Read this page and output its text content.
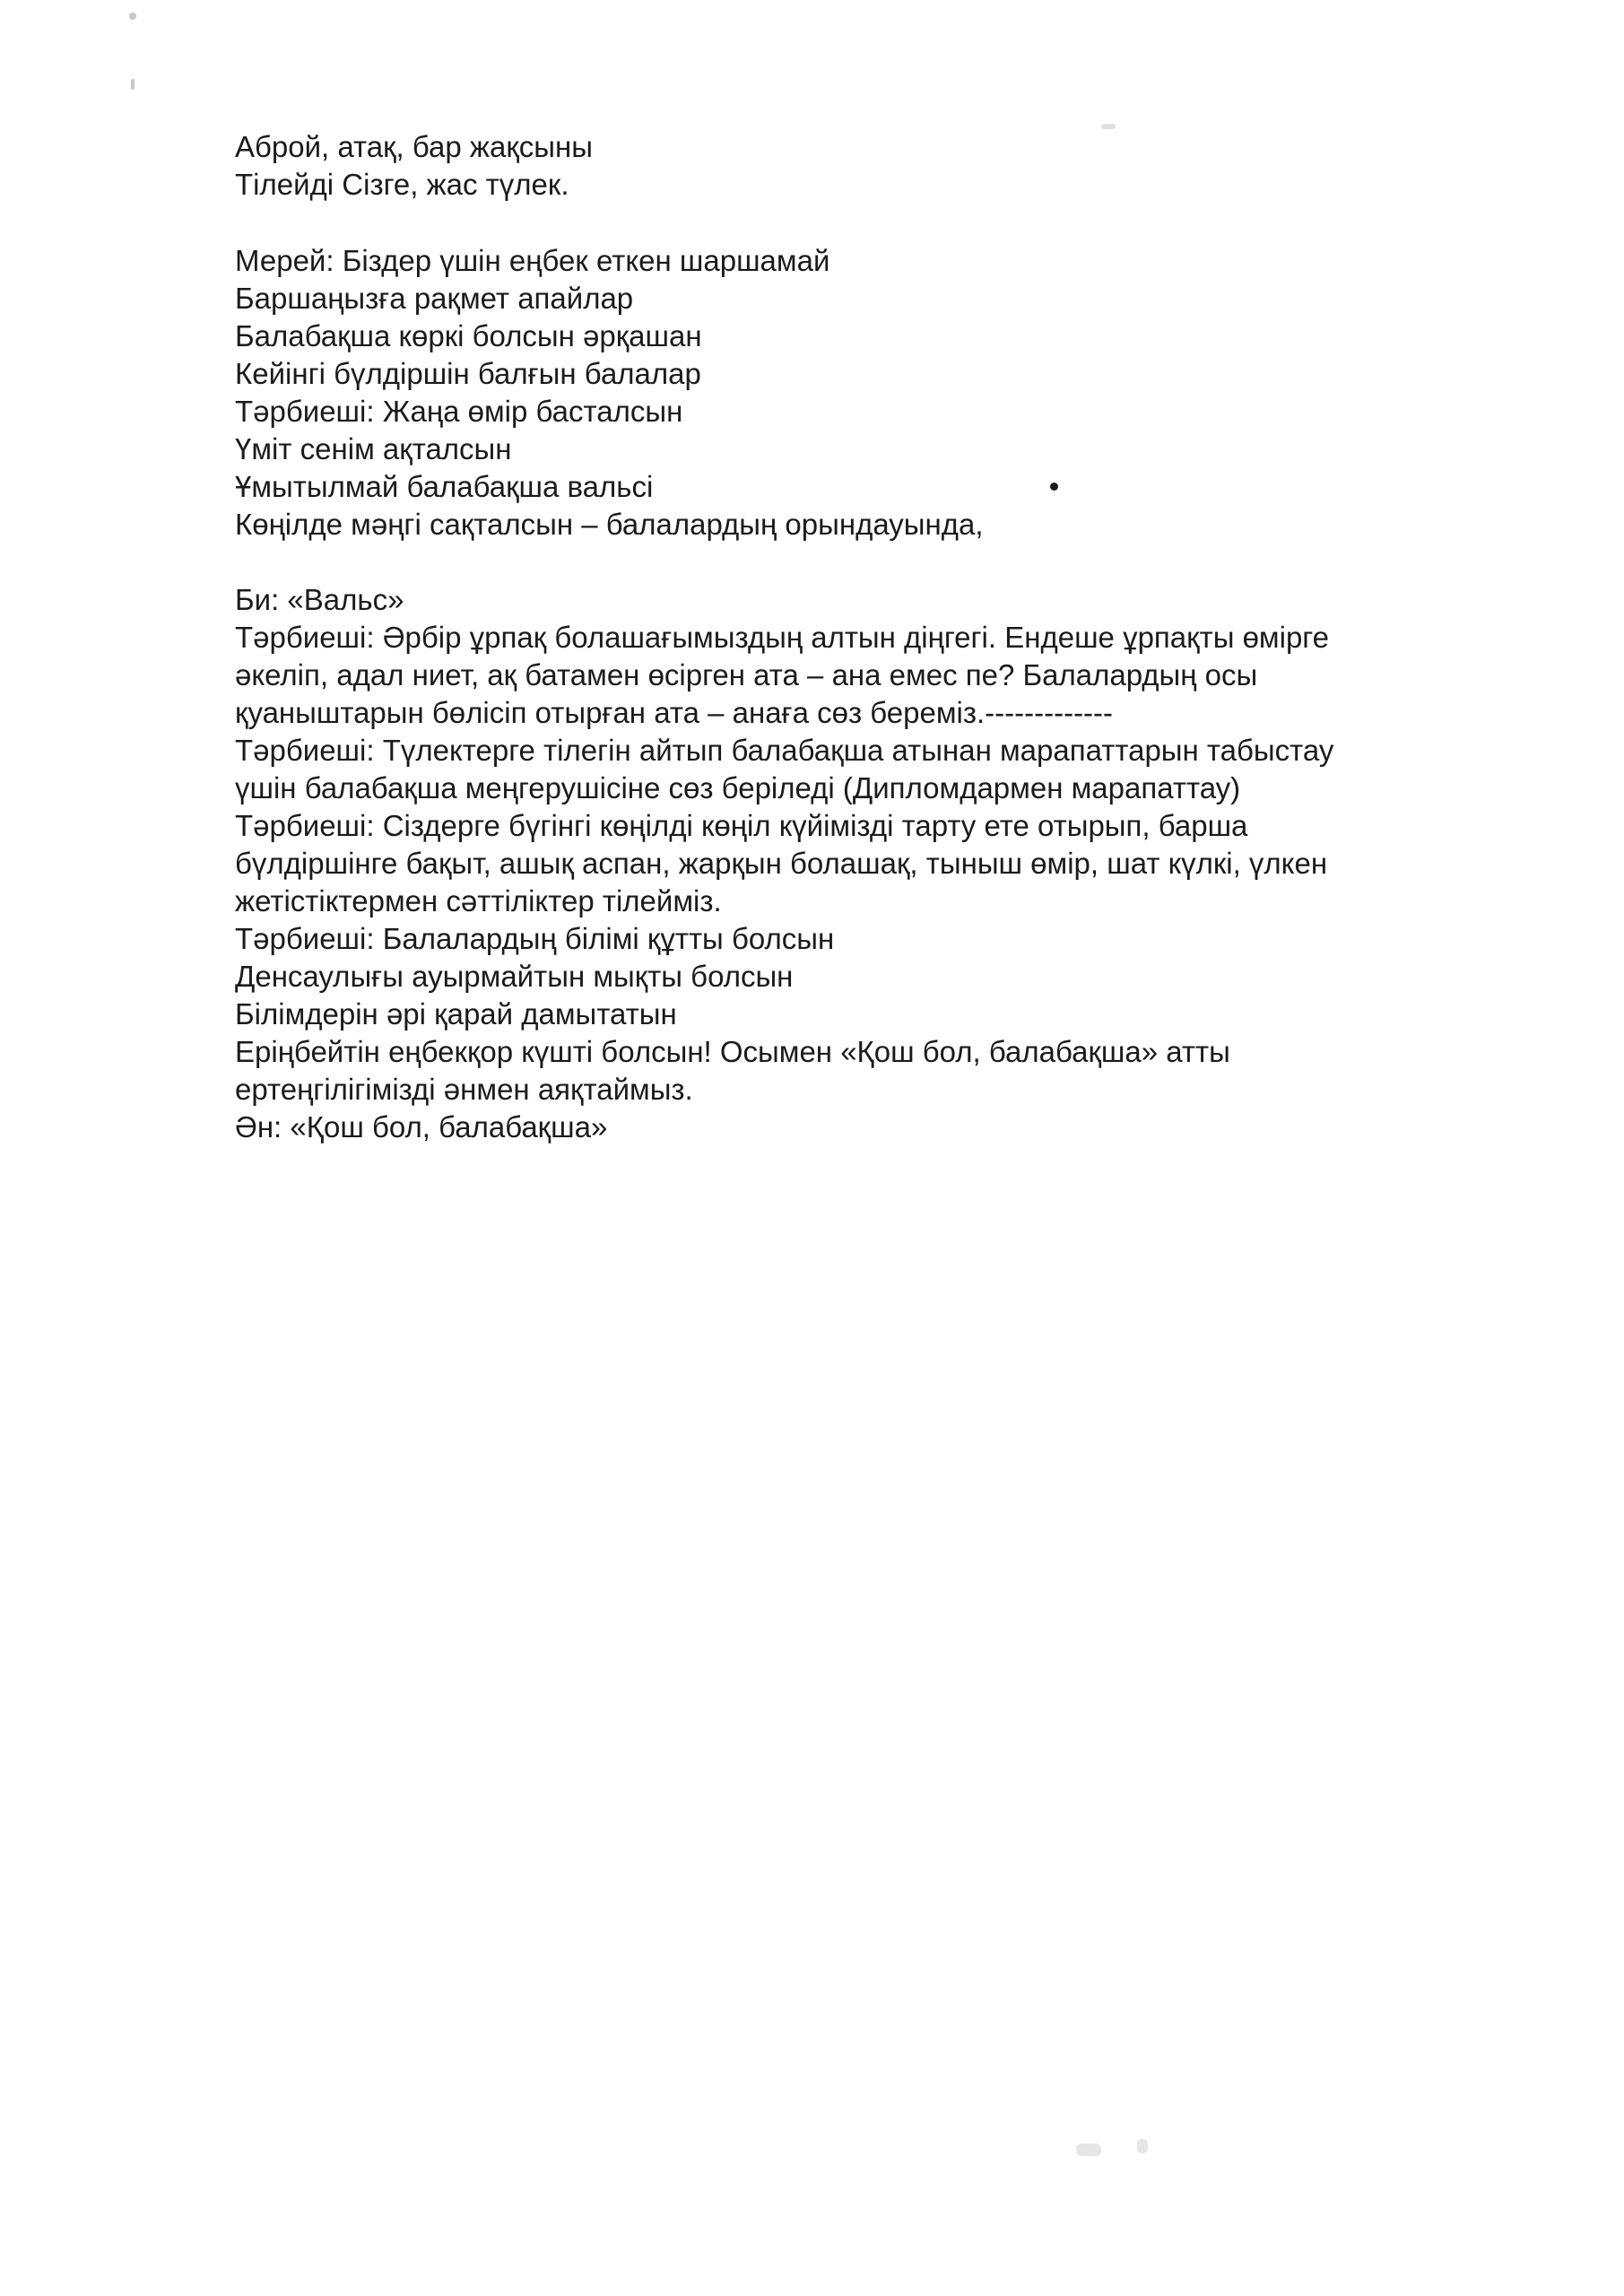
Аброй, атақ, бар жақсыны
Тілейді Сізге, жас түлек.
Мерей: Біздер үшін еңбек еткен шаршамай
Баршаңызға рақмет апайлар
Балабақша көркі болсын әрқашан
Кейінгі бүлдіршін балғын балалар
Тәрбиеші: Жаңа өмір басталсын
Үміт сенім ақталсын
Ұмытылмай балабақша вальсі
Көңілде мәңгі сақталсын – балалардың орындауында,
Би: «Вальс»
Тәрбиеші: Әрбір ұрпақ болашағымыздың алтын діңгегі. Ендеше ұрпақты өмірге
әкеліп, адал ниет, ақ батамен өсірген ата – ана емес пе? Балалардың осы
қуаныштарын бөлісіп отырған ата – анаға сөз береміз.-------------
Тәрбиеші: Түлектерге тілегін айтып балабақша атынан марапаттарын табыстау
үшін балабақша меңгерушісіне сөз беріледі (Дипломдармен марапаттау)
Тәрбиеші: Сіздерге бүгінгі көңілді көңіл күйімізді тарту ете отырып, барша
бүлдіршінге бақыт, ашық аспан, жарқын болашақ, тыныш өмір, шат күлкі, үлкен
жетістіктермен сәттіліктер тілейміз.
Тәрбиеші: Балалардың білімі құтты болсын
Денсаулығы ауырмайтын мықты болсын
Білімдерін әрі қарай дамытатын
Еріңбейтін еңбекқор күшті болсын! Осымен «Қош бол, балабақша» атты
ертеңгілігімізді әнмен аяқтаймыз.
Ән: «Қош бол, балабақша»
